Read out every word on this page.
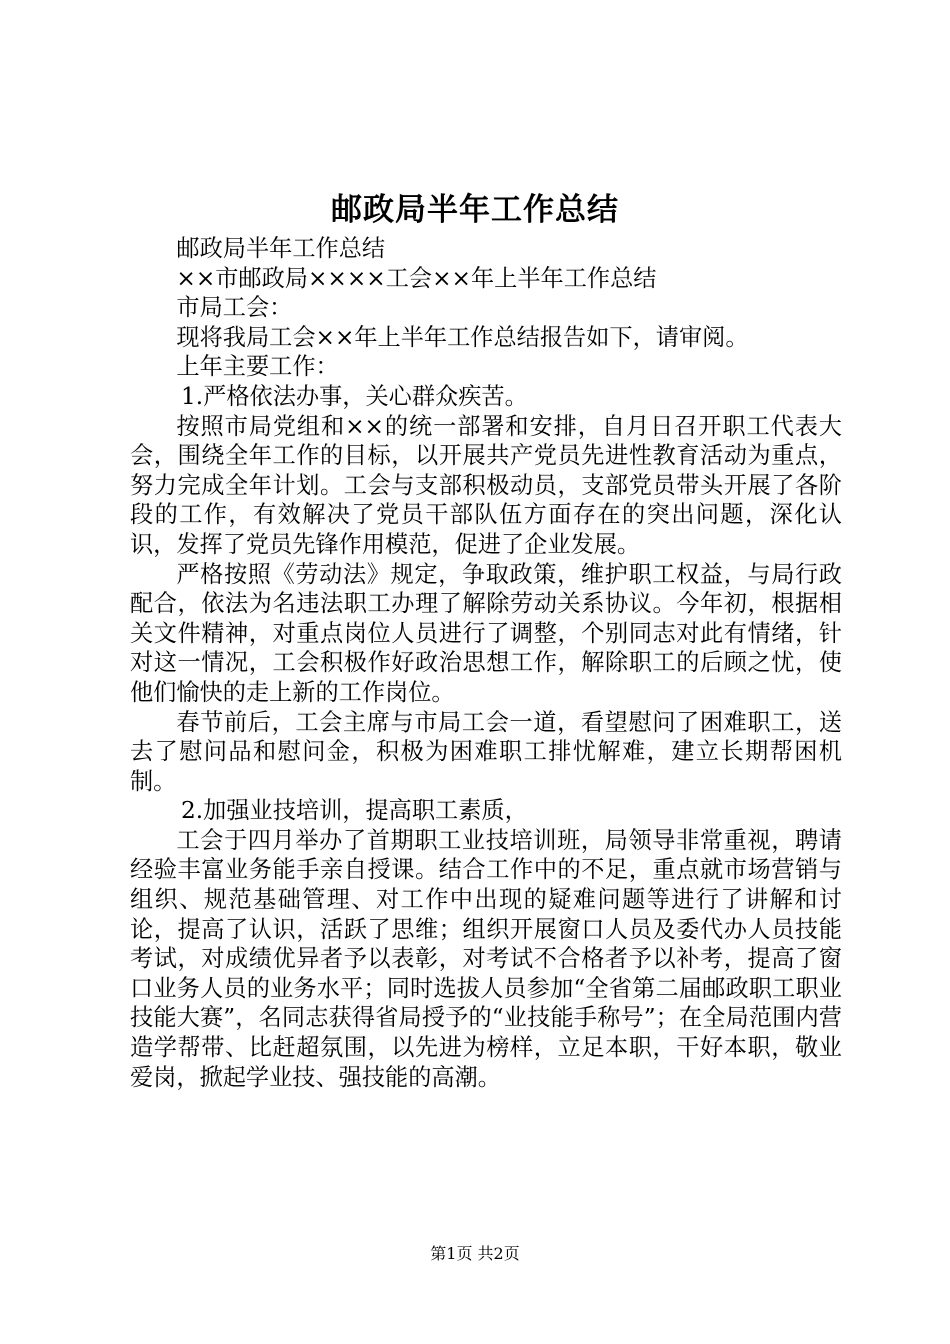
邮政局半年工作总结

邮政局半年工作总结

××市邮政局××××工会××年上半年工作总结

市局工会：

现将我局工会××年上半年工作总结报告如下，请审阅。

上年主要工作：

1.严格依法办事，关心群众疾苦。

按照市局党组和××的统一部署和安排，自月日召开职工代表大会，围绕全年工作的目标，以开展共产党员先进性教育活动为重点，努力完成全年计划。工会与支部积极动员，支部党员带头开展了各阶段的工作，有效解决了党员干部队伍方面存在的突出问题，深化认识，发挥了党员先锋作用模范，促进了企业发展。

严格按照《劳动法》规定，争取政策，维护职工权益，与局行政配合，依法为名违法职工办理了解除劳动关系协议。今年初，根据相关文件精神，对重点岗位人员进行了调整，个别同志对此有情绪，针对这一情况，工会积极作好政治思想工作，解除职工的后顾之忧，使他们愉快的走上新的工作岗位。

春节前后，工会主席与市局工会一道，看望慰问了困难职工，送去了慰问品和慰问金，积极为困难职工排忧解难，建立长期帮困机制。

2.加强业技培训，提高职工素质，

工会于四月举办了首期职工业技培训班，局领导非常重视，聘请经验丰富业务能手亲自授课。结合工作中的不足，重点就市场营销与组织、规范基础管理、对工作中出现的疑难问题等进行了讲解和讨论，提高了认识，活跃了思维；组织开展窗口人员及委代办人员技能考试，对成绩优异者予以表彰，对考试不合格者予以补考，提高了窗口业务人员的业务水平；同时选拔人员参加“全省第二届邮政职工职业技能大赛”，名同志获得省局授予的“业技能手称号”；在全局范围内营造学帮带、比赶超氛围，以先进为榜样，立足本职，干好本职，敬业爱岗，掀起学业技、强技能的高潮。

第1页 共2页
